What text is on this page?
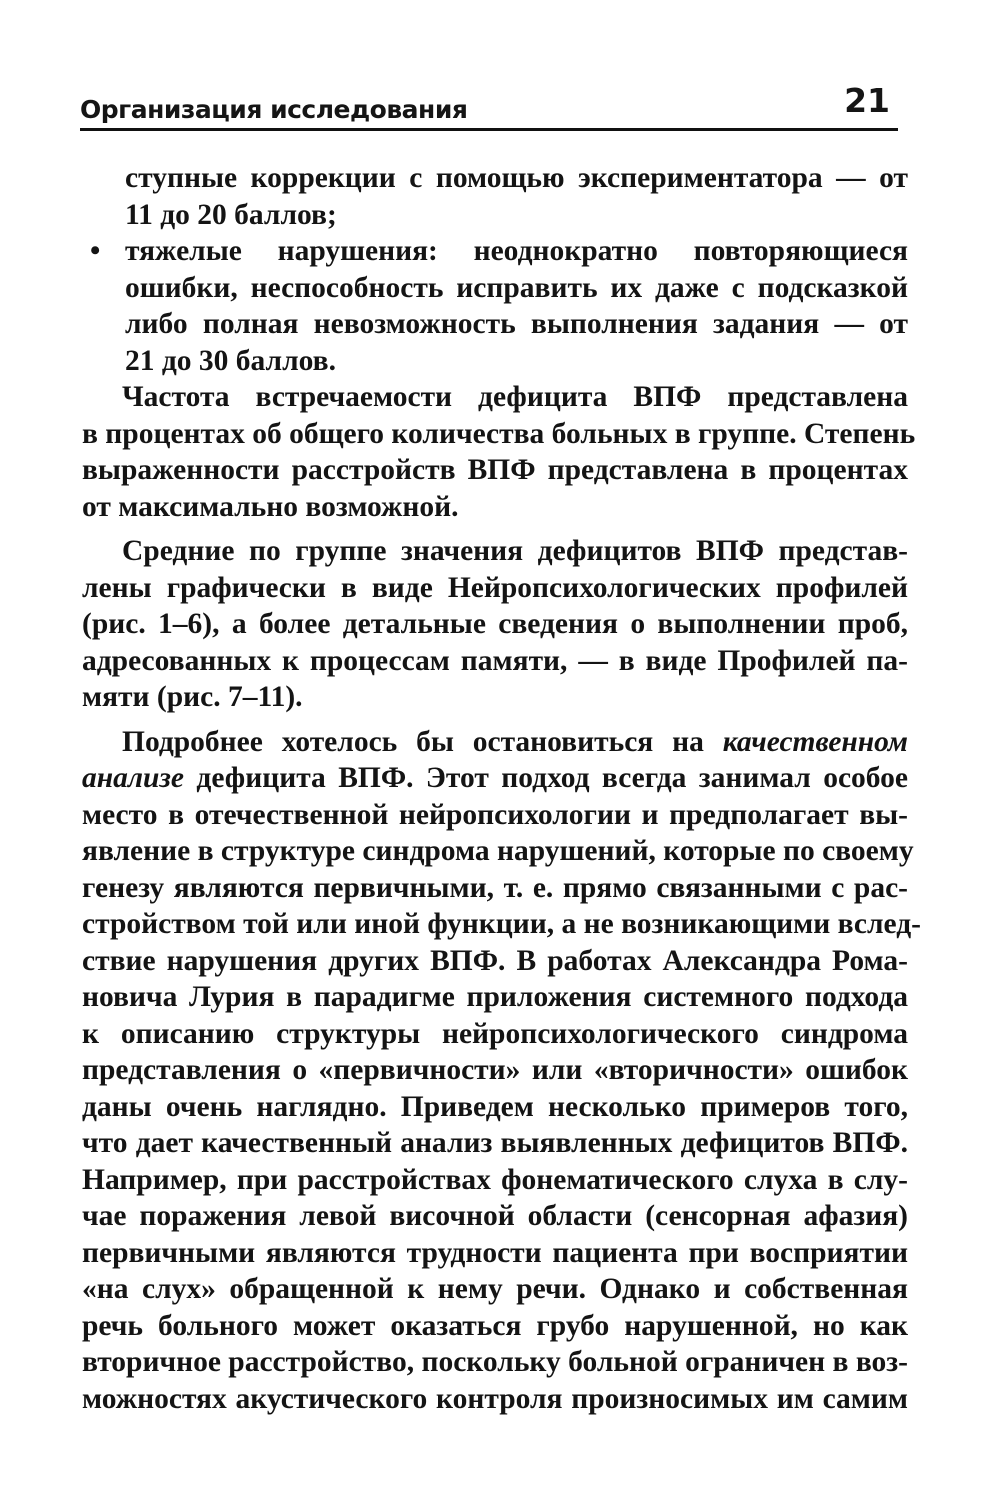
Организация исследования	21
ступные коррекции с помощью экспериментатора — от
11 до 20 баллов;
• тяжелые нарушения: неоднократно повторяющиеся
ошибки, неспособность исправить их даже с подсказкой
либо полная невозможность выполнения задания — от
21 до 30 баллов.
Частота встречаемости дефицита ВПФ представлена
в процентах об общего количества больных в группе. Степень
выраженности расстройств ВПФ представлена в процентах
от максимально возможной.
Средние по группе значения дефицитов ВПФ представ-
лены графически в виде Нейропсихологических профилей
(рис. 1–6), а более детальные сведения о выполнении проб,
адресованных к процессам памяти, — в виде Профилей па-
мяти (рис. 7–11).
Подробнее хотелось бы остановиться на качественном
анализе дефицита ВПФ. Этот подход всегда занимал особое
место в отечественной нейропсихологии и предполагает вы-
явление в структуре синдрома нарушений, которые по своему
генезу являются первичными, т. е. прямо связанными с рас-
стройством той или иной функции, а не возникающими вслед-
ствие нарушения других ВПФ. В работах Александра Рома-
новича Лурия в парадигме приложения системного подхода
к описанию структуры нейропсихологического синдрома
представления о «первичности» или «вторичности» ошибок
даны очень наглядно. Приведем несколько примеров того,
что дает качественный анализ выявленных дефицитов ВПФ.
Например, при расстройствах фонематического слуха в слу-
чае поражения левой височной области (сенсорная афазия)
первичными являются трудности пациента при восприятии
«на слух» обращенной к нему речи. Однако и собственная
речь больного может оказаться грубо нарушенной, но как
вторичное расстройство, поскольку больной ограничен в воз-
можностях акустического контроля произносимых им самим
